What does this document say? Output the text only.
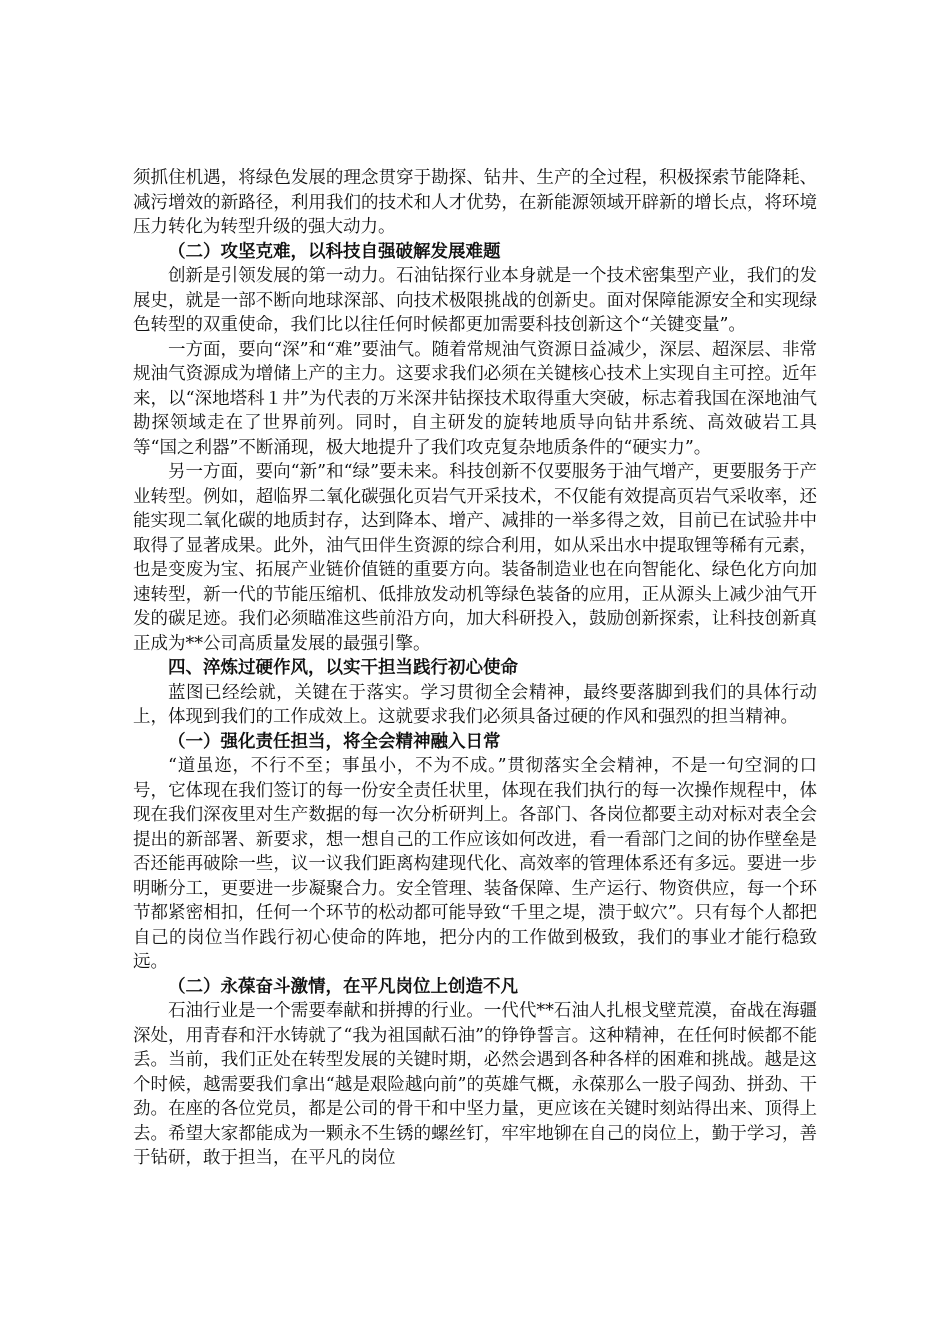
须抓住机遇，将绿色发展的理念贯穿于勘探、钻井、生产的全过程，积极探索节能降耗、减污增效的新路径，利用我们的技术和人才优势，在新能源领域开辟新的增长点，将环境压力转化为转型升级的强大动力。

（二）攻坚克难，以科技自强破解发展难题

创新是引领发展的第一动力。石油钻探行业本身就是一个技术密集型产业，我们的发展史，就是一部不断向地球深部、向技术极限挑战的创新史。面对保障能源安全和实现绿色转型的双重使命，我们比以往任何时候都更加需要科技创新这个“关键变量”。

一方面，要向“深”和“难”要油气。随着常规油气资源日益减少，深层、超深层、非常规油气资源成为增储上产的主力。这要求我们必须在关键核心技术上实现自主可控。近年来，以“深地塔科１井”为代表的万米深井钻探技术取得重大突破，标志着我国在深地油气勘探领域走在了世界前列。同时，自主研发的旋转地质导向钻井系统、高效破岩工具等“国之利器”不断涌现，极大地提升了我们攻克复杂地质条件的“硬实力”。

另一方面，要向“新”和“绿”要未来。科技创新不仅要服务于油气增产，更要服务于产业转型。例如，超临界二氧化碳强化页岩气开采技术，不仅能有效提高页岩气采收率，还能实现二氧化碳的地质封存，达到降本、增产、减排的一举多得之效，目前已在试验井中取得了显著成果。此外，油气田伴生资源的综合利用，如从采出水中提取锂等稀有元素，也是变废为宝、拓展产业链价值链的重要方向。装备制造业也在向智能化、绿色化方向加速转型，新一代的节能压缩机、低排放发动机等绿色装备的应用，正从源头上减少油气开发的碳足迹。我们必须瞄准这些前沿方向，加大科研投入，鼓励创新探索，让科技创新真正成为**公司高质量发展的最强引擎。

四、淬炼过硬作风，以实干担当践行初心使命

蓝图已经绘就，关键在于落实。学习贯彻全会精神，最终要落脚到我们的具体行动上，体现到我们的工作成效上。这就要求我们必须具备过硬的作风和强烈的担当精神。

（一）强化责任担当，将全会精神融入日常

“道虽迩，不行不至；事虽小，不为不成。”贯彻落实全会精神，不是一句空洞的口号，它体现在我们签订的每一份安全责任状里，体现在我们执行的每一次操作规程中，体现在我们深夜里对生产数据的每一次分析研判上。各部门、各岗位都要主动对标对表全会提出的新部署、新要求，想一想自己的工作应该如何改进，看一看部门之间的协作壁垒是否还能再破除一些，议一议我们距离构建现代化、高效率的管理体系还有多远。要进一步明晰分工，更要进一步凝聚合力。安全管理、装备保障、生产运行、物资供应，每一个环节都紧密相扣，任何一个环节的松动都可能导致“千里之堤，溃于蚁穴”。只有每个人都把自己的岗位当作践行初心使命的阵地，把分内的工作做到极致，我们的事业才能行稳致远。

（二）永葆奋斗激情，在平凡岗位上创造不凡

石油行业是一个需要奉献和拼搏的行业。一代代**石油人扎根戈壁荒漠，奋战在海疆深处，用青春和汗水铸就了“我为祖国献石油”的铮铮誓言。这种精神，在任何时候都不能丢。当前，我们正处在转型发展的关键时期，必然会遇到各种各样的困难和挑战。越是这个时候，越需要我们拿出“越是艰险越向前”的英雄气概，永葆那么一股子闯劲、拼劲、干劲。在座的各位党员，都是公司的骨干和中坚力量，更应该在关键时刻站得出来、顶得上去。希望大家都能成为一颗永不生锈的螺丝钉，牢牢地铆在自己的岗位上，勤于学习，善于钻研，敢于担当，在平凡的岗位
